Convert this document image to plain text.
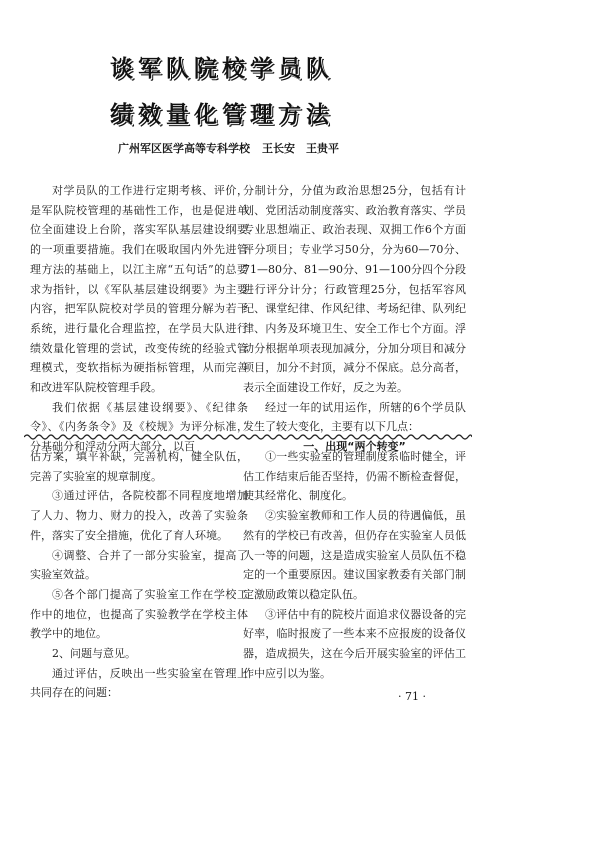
谈军队院校学员队
绩效量化管理方法
广州军区医学高等专科学校 王长安　王贵平

对学员队的工作进行定期考核、评价，是军队院校管理的基础性工作，也是促进单位全面建设上台阶，落实军队基层建设纲要的一项重要措施。我们在吸取国内外先进管理方法的基础上，以江主席“五句话”的总要求为指针，以《军队基层建设纲要》为主要内容，把军队院校对学员的管理分解为若干系统，进行量化合理监控，在学员大队进行绩效量化管理的尝试，改变传统的经验式管理模式，变软指标为硬指标管理，从而完善和改进军队院校管理手段。

我们依据《基层建设纲要》、《纪律条令》、《内务条令》及《校规》为评分标准，分基础分和浮动分两大部分，以百

分制计分，分值为政治思想25分，包括有计划、党团活动制度落实、政治教育落实、学员专业思想端正、政治表现、双拥工作6个方面评分项目；专业学习50分，分为60—70分、71—80分、81—90分、91—100分四个分段进行评分计分；行政管理25分，包括军容风纪、课堂纪律、作风纪律、考场纪律、队列纪律、内务及环境卫生、安全工作七个方面。浮动分根据单项表现加减分，分加分项目和减分项目，加分不封顶，减分不保底。总分高者，表示全面建设工作好，反之为差。

经过一年的试用运作，所辖的6个学员队发生了较大变化，主要有以下几点：

一、出现“两个转变”

估方案，填平补缺，完善机构，健全队伍，完善了实验室的规章制度。

③通过评估，各院校都不同程度地增加了人力、物力、财力的投入，改善了实验条件，落实了安全措施，优化了育人环境。

④调整、合并了一部分实验室，提高了实验室效益。

⑤各个部门提高了实验室工作在学校工作中的地位，也提高了实验教学在学校主体教学中的地位。

2、问题与意见。

通过评估，反映出一些实验室在管理上共同存在的问题：

①一些实验室的管理制度系临时健全，评估工作结束后能否坚持，仍需不断检查督促，使其经常化、制度化。

②实验室教师和工作人员的待遇偏低，虽然有的学校已有改善，但仍存在实验室人员低人一等的问题，这是造成实验室人员队伍不稳定的一个重要原因。建议国家教委有关部门制定激励政策以稳定队伍。

③评估中有的院校片面追求仪器设备的完好率，临时报废了一些本来不应报废的设备仪器，造成损失，这在今后开展实验室的评估工作中应引以为鉴。

· 71 ·
